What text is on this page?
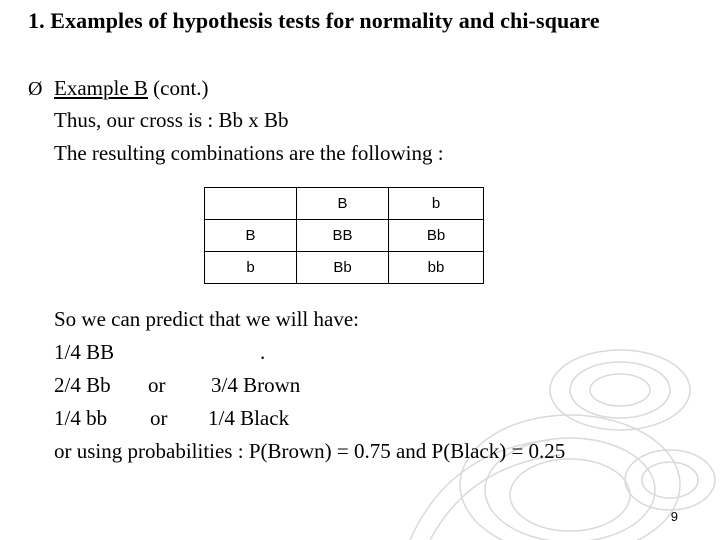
1. Examples of hypothesis tests for normality and chi-square
Ø Example B (cont.)
Thus, our cross is : Bb x Bb
The resulting combinations are the following :
	B	b
B	BB	Bb
b	Bb	bb
So we can predict that we will have:
1/4 BB	.
2/4 Bb or 3/4 Brown
1/4 bb or 1/4 Black
or using probabilities : P(Brown) = 0.75 and P(Black) = 0.25
9
